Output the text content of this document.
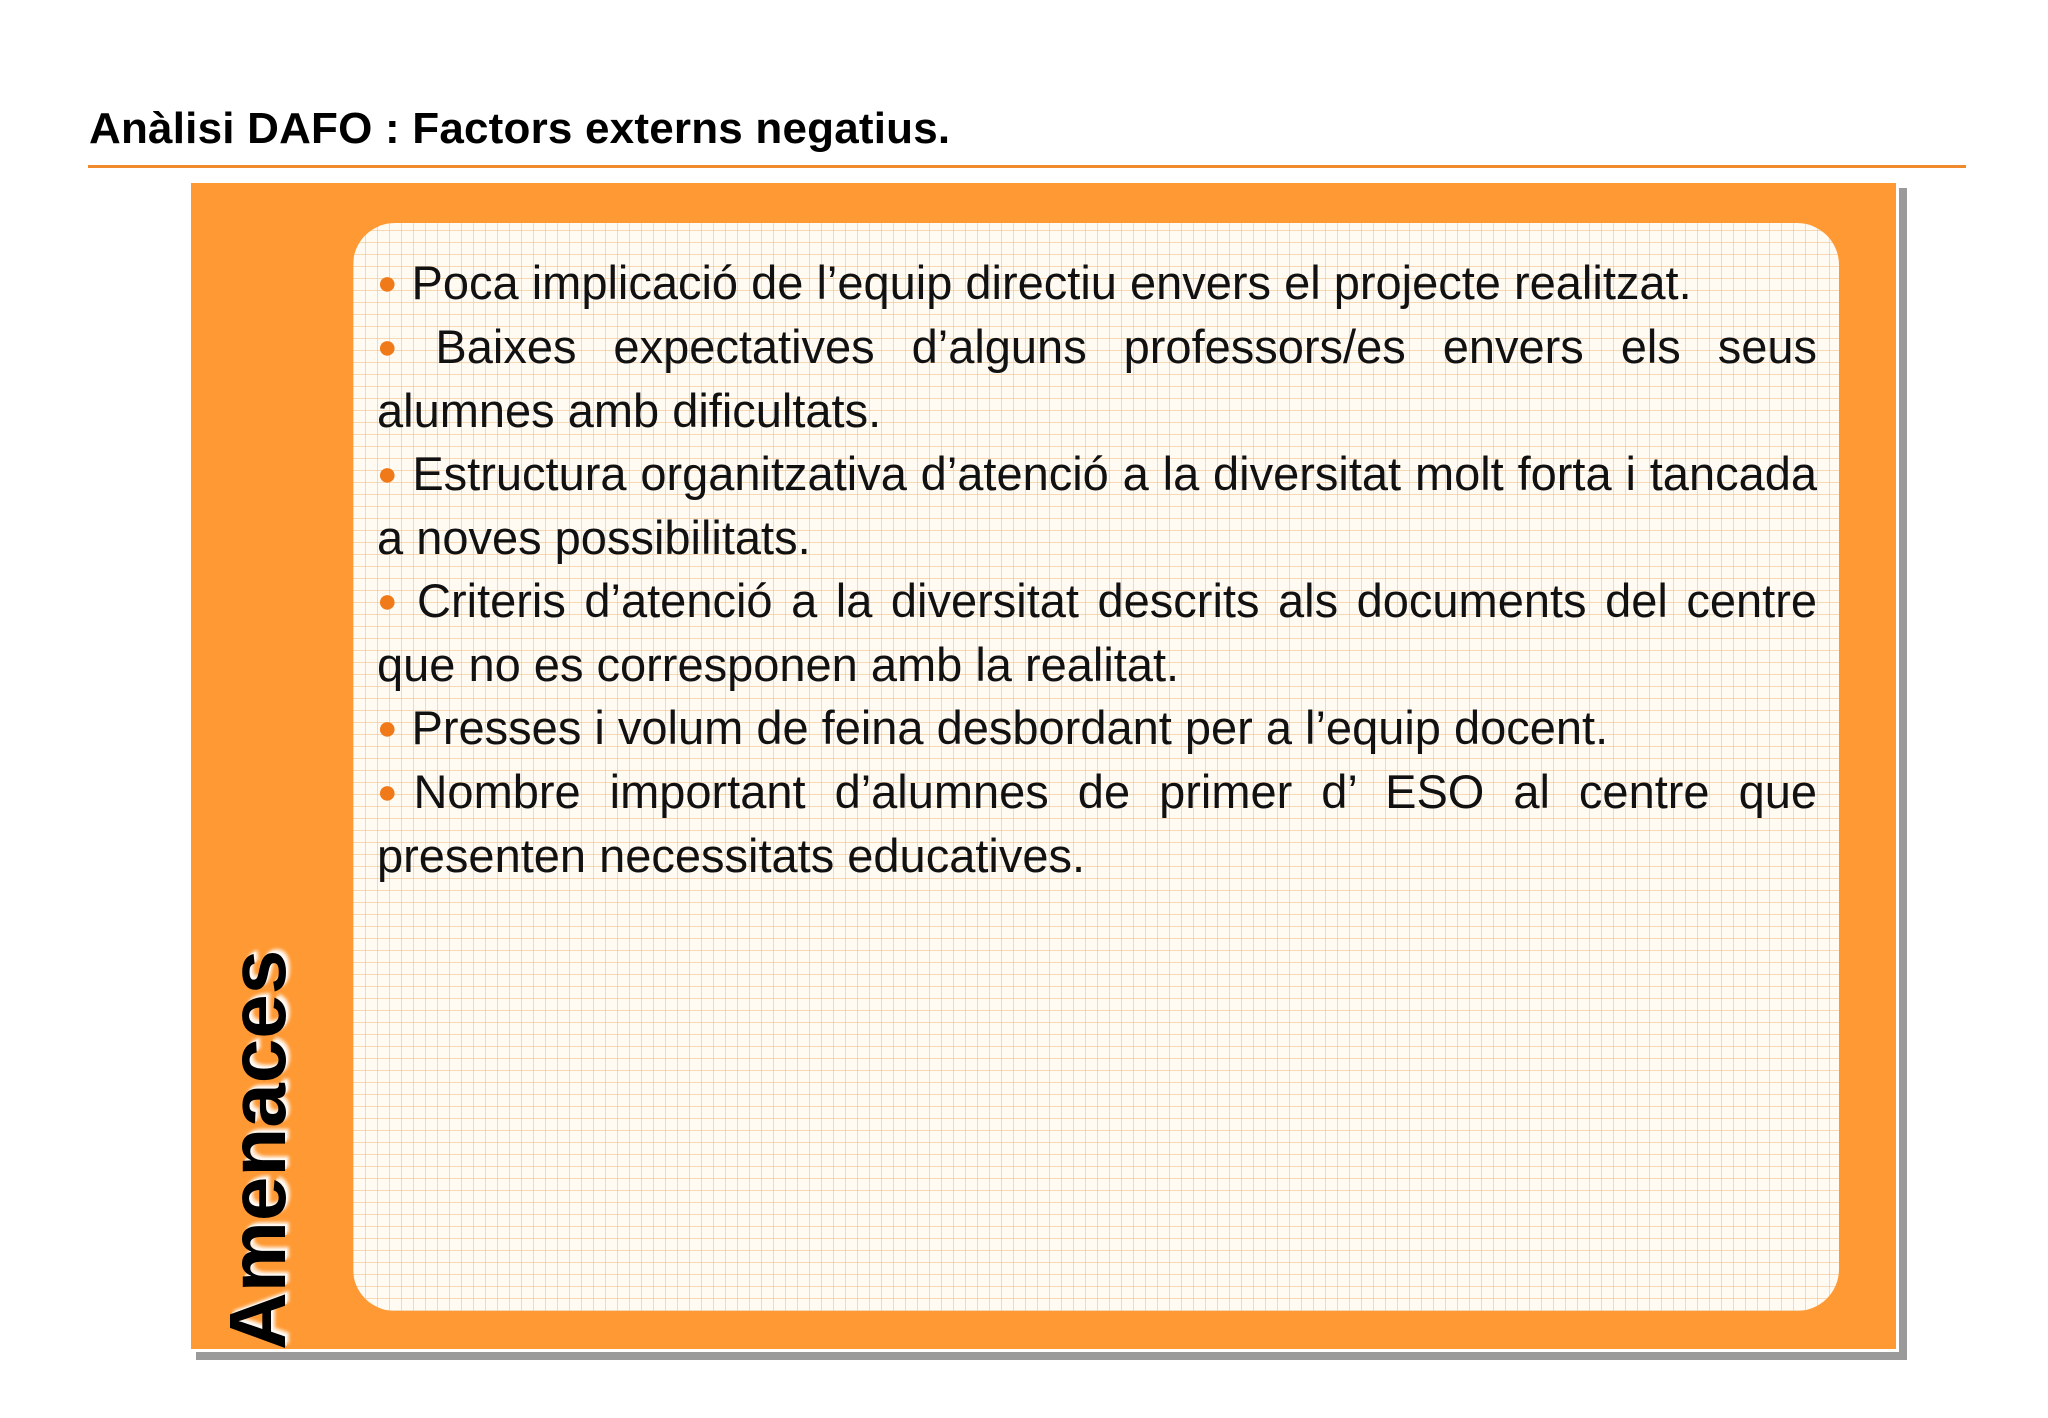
Anàlisi DAFO : Factors externs negatius.
Amenaces
● Poca implicació de l’equip directiu envers el projecte realitzat.
● Baixes expectatives d’alguns professors/es envers els seus alumnes amb dificultats.
● Estructura organitzativa d’atenció a la diversitat molt forta i tancada a noves possibilitats.
● Criteris d’atenció a la diversitat descrits als documents del centre que no es corresponen amb la realitat.
● Presses i volum de feina desbordant per a l’equip docent.
●Nombre important d’alumnes de primer d’ ESO al centre que presenten necessitats educatives.
